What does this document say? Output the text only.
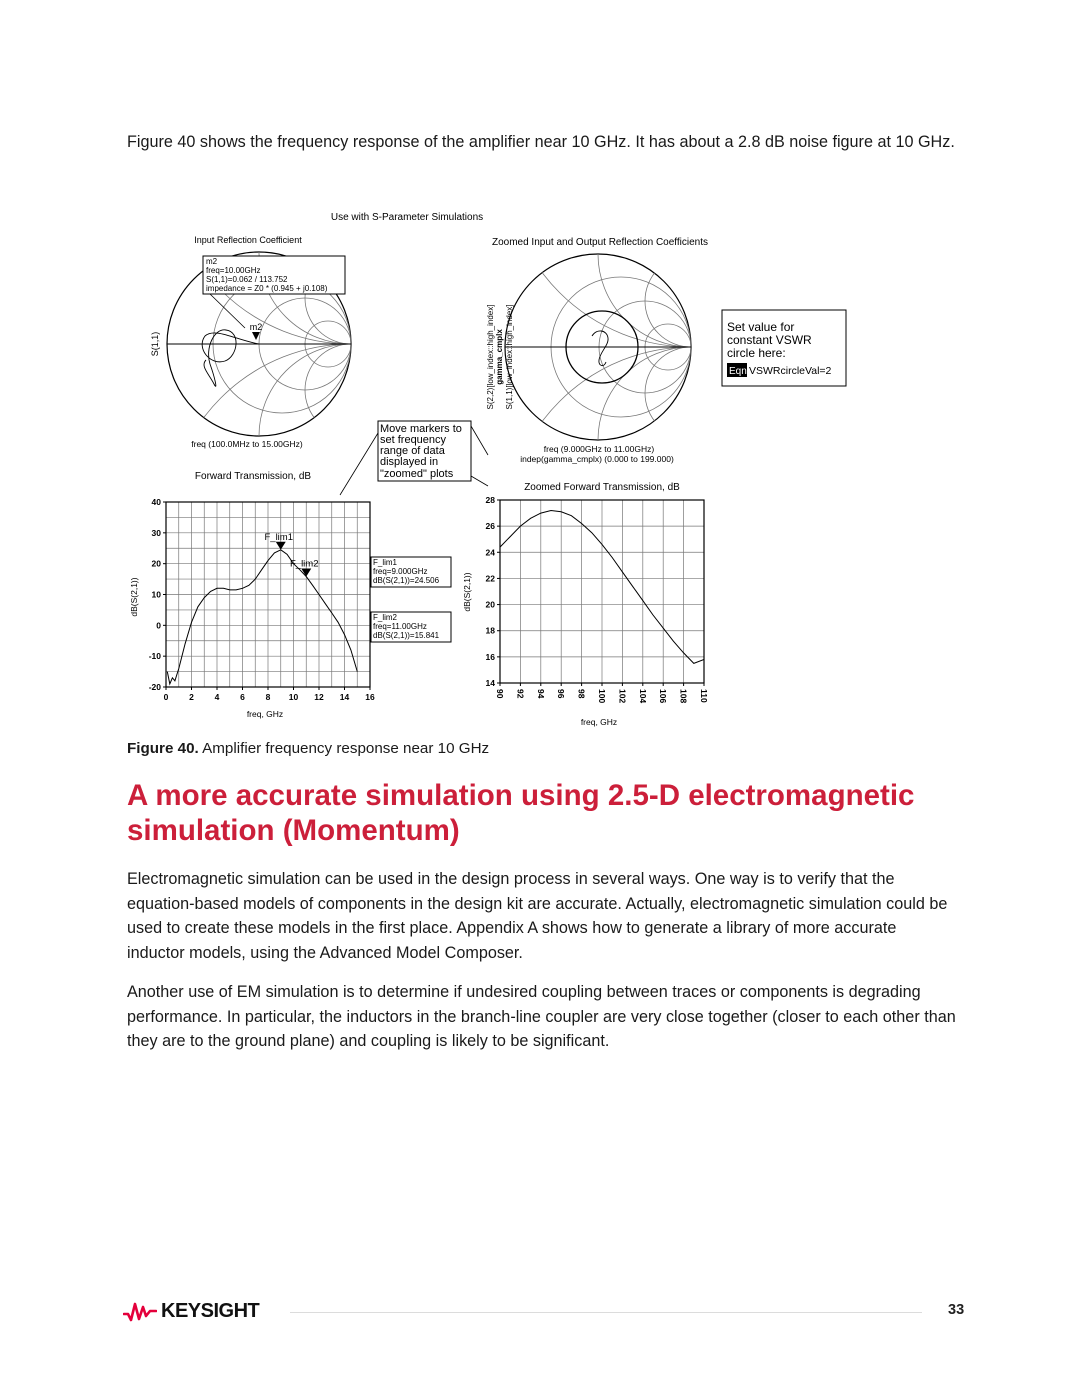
Figure 40 shows the frequency response of the amplifier near 10 GHz. It has about a 2.8 dB noise figure at 10 GHz.

Use with S-Parameter Simulations
Input Reflection Coefficient
m2
S(1,1)
m2
freq=10.00GHz
S(1,1)=0.062 / 113.752
impedance = Z0 * (0.945 + j0.108)
freq (100.0MHz to 15.00GHz)
Zoomed Input and Output Reflection Coefficients
S(2,2)[low_index::high_index] gamma_cmplx S(1,1)[low_index::high_index]
freq (9.000GHz to 11.00GHz)
indep(gamma_cmplx) (0.000 to 199.000)
Set value for
constant VSWR
circle here:
Eqn VSWRcircleVal=2
Move markers to
set frequency
range of data
displayed in
"zoomed" plots
Forward Transmission, dB
dB(S(2,1))
freq, GHz
0 2 4 6 8 10 12 14 16
-20
-10
0
10
20
30
40
F_lim1
F_lim2	F_lim1
freq=9.000GHz
dB(S(2,1))=24.506
F_lim2
freq=11.00GHz
dB(S(2,1))=15.841
Zoomed Forward Transmission, dB
dB(S(2,1))
freq, GHz
90 92 94 96 98 100 102 104 106 108 110
14
16
18
20
22
24
26
28

Figure 40. Amplifier frequency response near 10 GHz

A more accurate simulation using 2.5-D electromagnetic simulation (Momentum)

Electromagnetic simulation can be used in the design process in several ways. One way is to verify that the equation-based models of components in the design kit are accurate. Actually, electromagnetic simulation could be used to create these models in the first place. Appendix A shows how to generate a library of more accurate inductor models, using the Advanced Model Composer.

Another use of EM simulation is to determine if undesired coupling between traces or components is degrading performance. In particular, the inductors in the branch-line coupler are very close together (closer to each other than they are to the ground plane) and coupling is likely to be significant.

KEYSIGHT	33
